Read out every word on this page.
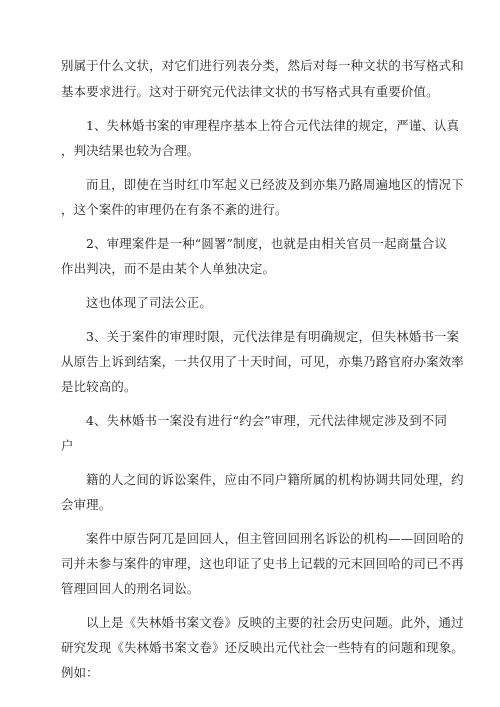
别属于什么文状，对它们进行列表分类，然后对每一种文状的书写格式和
基本要求进行。这对于研究元代法律文状的书写格式具有重要价值。
1、失林婚书案的审理程序基本上符合元代法律的规定，严谨、认真
，判决结果也较为合理。
而且，即使在当时红巾军起义已经波及到亦集乃路周遍地区的情况下
，这个案件的审理仍在有条不紊的进行。
2、审理案件是一种“圆署”制度，也就是由相关官员一起商量合议
作出判决，而不是由某个人单独决定。
这也体现了司法公正。
3、关于案件的审理时限，元代法律是有明确规定，但失林婚书一案
从原告上诉到结案，一共仅用了十天时间，可见，亦集乃路官府办案效率
是比较高的。
4、失林婚书一案没有进行“约会”审理，元代法律规定涉及到不同
户
籍的人之间的诉讼案件，应由不同户籍所属的机构协调共同处理，约
会审理。
案件中原告阿兀是回回人，但主管回回刑名诉讼的机构——回回哈的
司并未参与案件的审理，这也印证了史书上记载的元末回回哈的司已不再
管理回回人的刑名词讼。
以上是《失林婚书案文卷》反映的主要的社会历史问题。此外，通过
研究发现《失林婚书案文卷》还反映出元代社会一些特有的问题和现象。
例如：
